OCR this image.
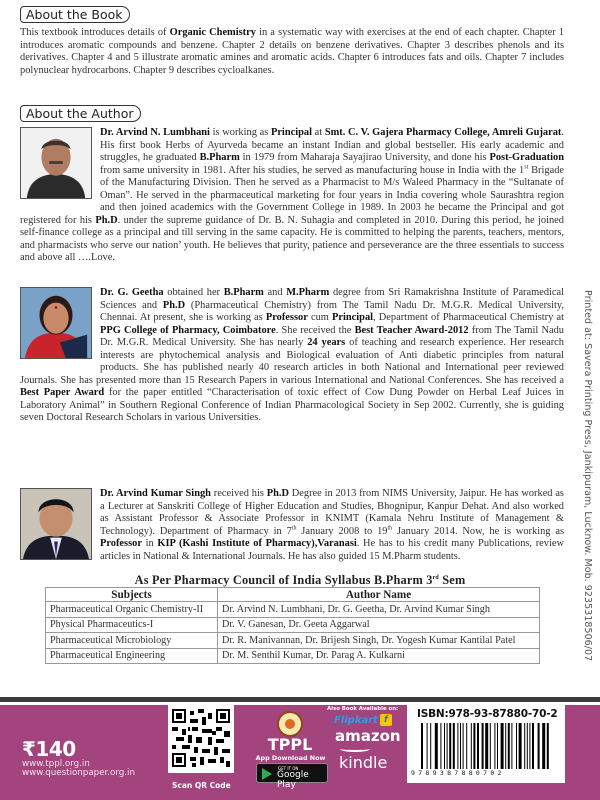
About the Book
This textbook introduces details of Organic Chemistry in a systematic way with exercises at the end of each chapter. Chapter 1 introduces aromatic compounds and benzene. Chapter 2 details on benzene derivatives. Chapter 3 describes phenols and its derivatives. Chapter 4 and 5 illustrate aromatic amines and aromatic acids. Chapter 6 introduces fats and oils. Chapter 7 includes polynuclear hydrocarbons. Chapter 9 describes cycloalkanes.
About the Author
Dr. Arvind N. Lumbhani is working as Principal at Smt. C. V. Gajera Pharmacy College, Amreli Gujarat. His first book Herbs of Ayurveda became an instant Indian and global bestseller. His early academic and struggles, he graduated B.Pharm in 1979 from Maharaja Sayajirao University, and done his Post-Graduation from same university in 1981. After his studies, he served as manufacturing house in India with the 1st Brigade of the Manufacturing Division. Then he served as a Pharmacist to M/s Waleed Pharmacy in the “Sultanate of Oman”. He served in the pharmaceutical marketing for four years in India covering whole Saurashtra region and then joined academics with the Government College in 1989. In 2003 he became the Principal and got registered for his Ph.D. under the supreme guidance of Dr. B. N. Suhagia and completed in 2010. During this period, he joined self-finance college as a principal and till serving in the same capacity. He is committed to helping the parents, teachers, mentors, and pharmacists who serve our nation’ youth. He believes that purity, patience and perseverance are the three essentials to success and above all ….Love.
Dr. G. Geetha obtained her B.Pharm and M.Pharm degree from Sri Ramakrishna Institute of Paramedical Sciences and Ph.D (Pharmaceutical Chemistry) from The Tamil Nadu Dr. M.G.R. Medical University, Chennai. At present, she is working as Professor cum Principal, Department of Pharmaceutical Chemistry at PPG College of Pharmacy, Coimbatore. She received the Best Teacher Award-2012 from The Tamil Nadu Dr. M.G.R. Medical University. She has nearly 24 years of teaching and research experience. Her research interests are phytochemical analysis and Biological evaluation of Anti diabetic principles from natural products. She has published nearly 40 research articles in both National and International peer reviewed Journals. She has presented more than 15 Research Papers in various International and National Conferences. She has received a Best Paper Award for the paper entitled “Characterisation of toxic effect of Cow Dung Powder on Herbal Leaf Juices in Laboratory Animal” in Southern Regional Conference of Indian Pharmacological Society in Sep 2002. Currently, she is guiding seven Doctoral Research Scholars in various Universities.
Dr. Arvind Kumar Singh received his Ph.D Degree in 2013 from NIMS University, Jaipur. He has worked as a Lecturer at Sanskriti College of Higher Education and Studies, Bhognipur, Kanpur Dehat. And also worked as Assistant Professor & Associate Professor in KNIMT (Kamala Nehru Institute of Management & Technology). Department of Pharmacy in 7th January 2008 to 19th January 2014. Now, he is working as Professor in KIP (Kashi Institute of Pharmacy),Varanasi. He has to his credit many Publications, review articles in National & International Journals. He has also guided 15 M.Pharm students.	Printed at: Savera Printing Press, Jankipuram, Lucknow. Mob. 9235318506/07
As Per Pharmacy Council of India Syllabus B.Pharm 3rd Sem
Subjects	Author Name
Pharmaceutical Organic Chemistry-II	Dr. Arvind N. Lumbhani, Dr. G. Geetha, Dr. Arvind Kumar Singh
Physical Pharmaceutics-I	Dr. V. Ganesan, Dr. Geeta Aggarwal
Pharmaceutical Microbiology	Dr. R. Manivannan, Dr. Brijesh Singh, Dr. Yogesh Kumar Kantilal Patel
Pharmaceutical Engineering	Dr. M. Senthil Kumar, Dr. Parag A. Kulkarni
₹140
www.tppl.org.in
www.questionpaper.org.in
Scan QR Code
TPPL
App Download Now
GET IT ON
Google Play
Also Book Available on:
Flipkart f
amazon
kindle
ISBN:978-93-87880-70-2
9789387880702
